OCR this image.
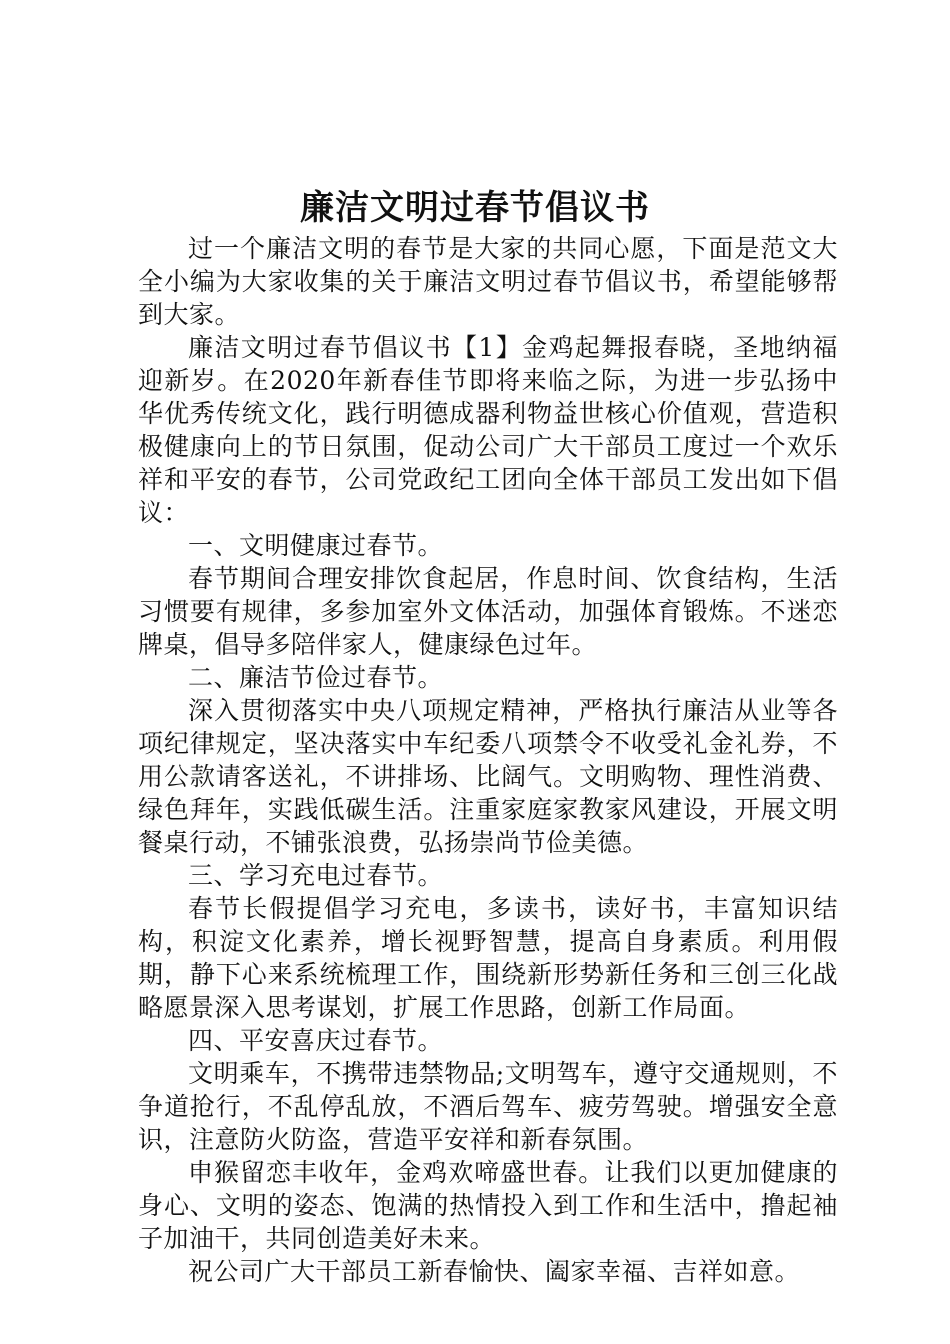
廉洁文明过春节倡议书

过一个廉洁文明的春节是大家的共同心愿，下面是范文大全小编为大家收集的关于廉洁文明过春节倡议书，希望能够帮到大家。

廉洁文明过春节倡议书【1】金鸡起舞报春晓，圣地纳福迎新岁。在2020年新春佳节即将来临之际，为进一步弘扬中华优秀传统文化，践行明德成器利物益世核心价值观，营造积极健康向上的节日氛围，促动公司广大干部员工度过一个欢乐祥和平安的春节，公司党政纪工团向全体干部员工发出如下倡议：

一、文明健康过春节。

春节期间合理安排饮食起居，作息时间、饮食结构，生活习惯要有规律，多参加室外文体活动，加强体育锻炼。不迷恋牌桌，倡导多陪伴家人，健康绿色过年。

二、廉洁节俭过春节。

深入贯彻落实中央八项规定精神，严格执行廉洁从业等各项纪律规定，坚决落实中车纪委八项禁令不收受礼金礼券，不用公款请客送礼，不讲排场、比阔气。文明购物、理性消费、绿色拜年，实践低碳生活。注重家庭家教家风建设，开展文明餐桌行动，不铺张浪费，弘扬崇尚节俭美德。

三、学习充电过春节。

春节长假提倡学习充电，多读书，读好书，丰富知识结构，积淀文化素养，增长视野智慧，提高自身素质。利用假期，静下心来系统梳理工作，围绕新形势新任务和三创三化战略愿景深入思考谋划，扩展工作思路，创新工作局面。

四、平安喜庆过春节。

文明乘车，不携带违禁物品;文明驾车，遵守交通规则，不争道抢行，不乱停乱放，不酒后驾车、疲劳驾驶。增强安全意识，注意防火防盗，营造平安祥和新春氛围。

申猴留恋丰收年，金鸡欢啼盛世春。让我们以更加健康的身心、文明的姿态、饱满的热情投入到工作和生活中，撸起袖子加油干，共同创造美好未来。

祝公司广大干部员工新春愉快、阖家幸福、吉祥如意。
